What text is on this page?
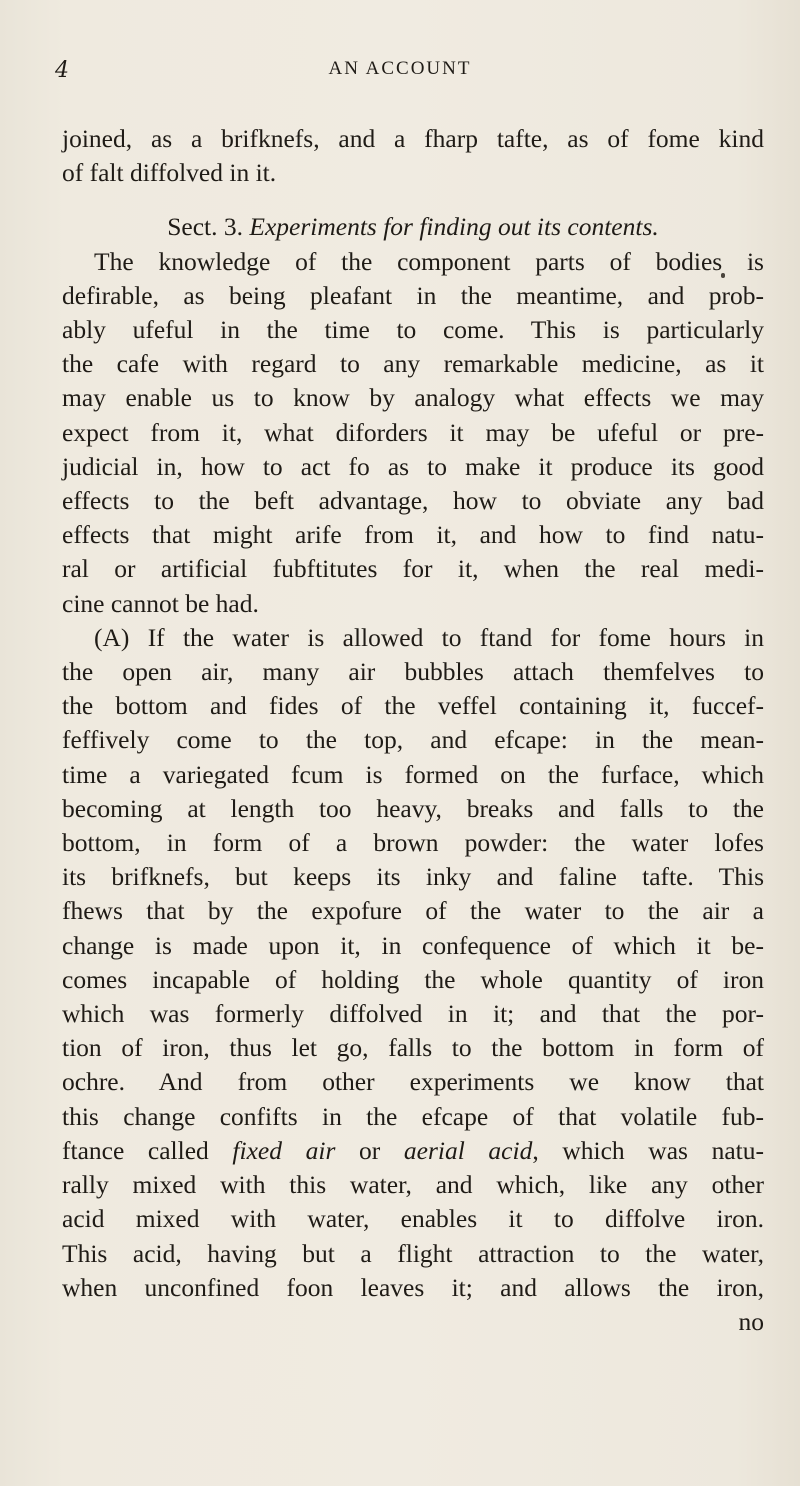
4	AN ACCOUNT
joined, as a brifknefs, and a fharp tafte, as of fome kind
of falt diffolved in it.
Sect. 3. Experiments for finding out its contents.
The knowledge of the component parts of bodies is
defirable, as being pleafant in the meantime, and prob-
ably ufeful in the time to come. This is particularly
the cafe with regard to any remarkable medicine, as it
may enable us to know by analogy what effects we may
expect from it, what diforders it may be ufeful or pre-
judicial in, how to act fo as to make it produce its good
effects to the beft advantage, how to obviate any bad
effects that might arife from it, and how to find natu-
ral or artificial fubftitutes for it, when the real medi-
cine cannot be had.
(A) If the water is allowed to ftand for fome hours in
the open air, many air bubbles attach themfelves to
the bottom and fides of the veffel containing it, fuccef-
feffively come to the top, and efcape: in the mean-
time a variegated fcum is formed on the furface, which
becoming at length too heavy, breaks and falls to the
bottom, in form of a brown powder: the water lofes
its brifknefs, but keeps its inky and faline tafte. This
fhews that by the expofure of the water to the air a
change is made upon it, in confequence of which it be-
comes incapable of holding the whole quantity of iron
which was formerly diffolved in it; and that the por-
tion of iron, thus let go, falls to the bottom in form of
ochre. And from other experiments we know that
this change confifts in the efcape of that volatile fub-
ftance called fixed air or aerial acid, which was natu-
rally mixed with this water, and which, like any other
acid mixed with water, enables it to diffolve iron.
This acid, having but a flight attraction to the water,
when unconfined foon leaves it; and allows the iron,
no
